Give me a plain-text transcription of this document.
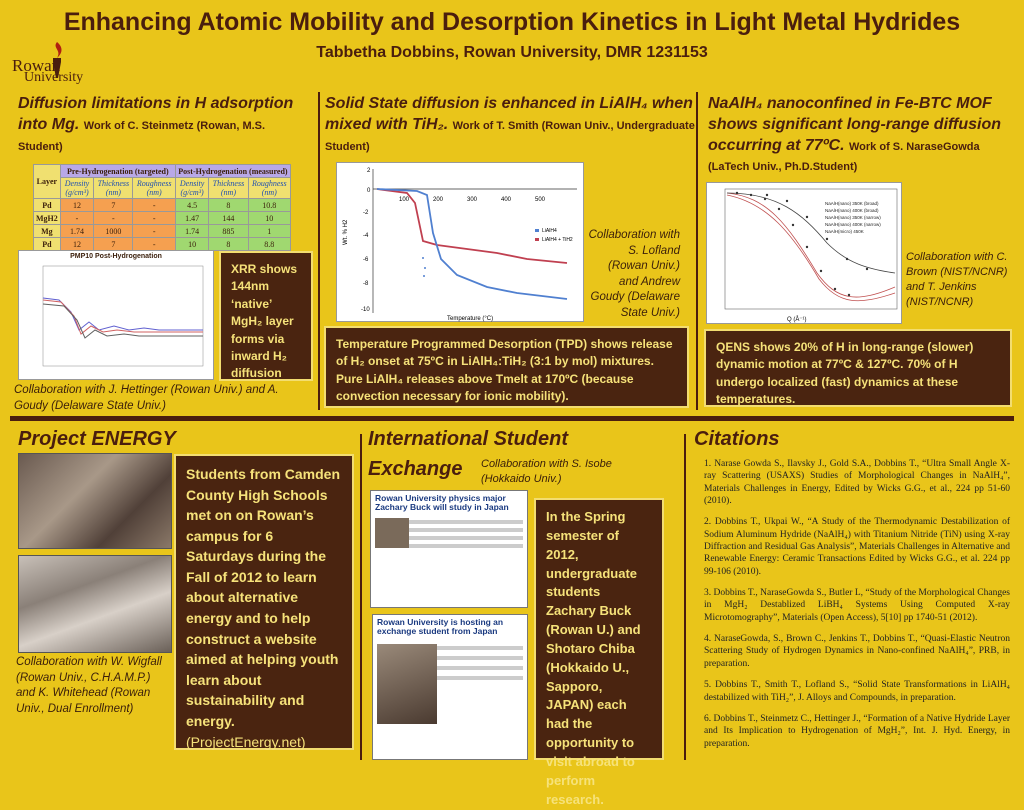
Enhancing Atomic Mobility and Desorption Kinetics in Light Metal Hydrides
Tabbetha Dobbins, Rowan University, DMR 1231153
Rowan
University
Diffusion limitations in H adsorption into Mg. Work of C. Steinmetz (Rowan, M.S. Student)
Layer	Pre-Hydrogenation (targeted)			Post-Hydrogenation (measured)		
	Density (g/cm³)	Thickness (nm)	Roughness (nm)	Density (g/cm³)	Thickness (nm)	Roughness (nm)
Pd	12	7	-	4.5	8	10.8
MgH2	-	-	-	1.47	144	10
Mg	1.74	1000	-	1.74	885	1
Pd	12	7	-	10	8	8.8
PMP10 Post-Hydrogenation
XRR shows 144nm ‘native’ MgH₂ layer forms via inward H₂ diffusion
Collaboration with J. Hettinger (Rowan Univ.) and A. Goudy (Delaware State Univ.)
Solid State diffusion is enhanced in LiAlH₄ when mixed with TiH₂. Work of T. Smith (Rowan Univ., Undergraduate Student)
2
0
-2
-4
-6
-8
-10
100	200	300	400	500
Wt. % H2
Temperature (°C)
LiAlH4
LiAlH4 + TiH2 Collaboration with S. Lofland (Rowan Univ.) and Andrew Goudy (Delaware State Univ.)
Temperature Programmed Desorption (TPD) shows release of H₂ onset at 75ºC in LiAlH₄:TiH₂ (3:1 by mol) mixtures. Pure LiAlH₄ releases above Tmelt at 170ºC (because convection necessary for ionic mobility).
NaAlH₄ nanoconfined in Fe-BTC MOF shows significant long-range diffusion occurring at 77ºC. Work of S. NaraseGowda (LaTech Univ., Ph.D.Student)
NaAlH(nano) 350K (broad)
NaAlH(nano) 400K (broad)
NaAlH(nano) 350K (narrow)
NaAlH(nano) 400K (narrow)
NaAlH(micro) 450K
Q (Å⁻¹)
Collaboration with C. Brown (NIST/NCNR) and T. Jenkins (NIST/NCNR)
QENS shows 20% of H in long-range (slower) dynamic motion at 77ºC & 127ºC. 70% of H undergo localized (fast) dynamics at these temperatures.
Project ENERGY
Students from Camden County High Schools met on on Rowan’s campus for 6 Saturdays during the Fall of 2012 to learn about alternative energy and to help construct a website aimed at helping youth learn about sustainability and energy. (ProjectEnergy.net)
Collaboration with W. Wigfall (Rowan Univ., C.H.A.M.P.) and K. Whitehead (Rowan Univ., Dual Enrollment)
International Student
Exchange Collaboration with S. Isobe (Hokkaido Univ.)
Rowan University physics major Zachary Buck will study in Japan
Rowan University is hosting an exchange student from Japan
In the Spring semester of 2012, undergraduate students Zachary Buck (Rowan U.) and Shotaro Chiba (Hokkaido U., Sapporo, JAPAN) each had the opportunity to visit abroad to perform research.
Citations

1. Narase Gowda S., Ilavsky J., Gold S.A., Dobbins T., “Ultra Small Angle X-ray Scattering (USAXS) Studies of Morphological Changes in NaAlH₄”, Materials Challenges in Energy, Edited by Wicks G.G., et al., 224 pp 51-60 (2010).

2. Dobbins T., Ukpai W., “A Study of the Thermodynamic Destabilization of Sodium Aluminum Hydride (NaAlH₄) with Titanium Nitride (TiN) using X-ray Diffraction and Residual Gas Analysis”, Materials Challenges in Alternative and Renewable Energy: Ceramic Transactions Edited by Wicks G.G., et al. 224 pp 99-106 (2010).

3. Dobbins T., NaraseGowda S., Butler L, “Study of the Morphological Changes in MgH₂ Destablized LiBH₄ Systems Using Computed X-ray Microtomography”, Materials (Open Access), 5[10] pp 1740-51 (2012).

4. NaraseGowda, S., Brown C., Jenkins T., Dobbins T., “Quasi-Elastic Neutron Scattering Study of Hydrogen Dynamics in Nano-confined NaAlH₄”, PRB, in preparation.

5. Dobbins T., Smith T., Lofland S., “Solid State Transformations in LiAlH₄ destabilized with TiH₂”, J. Alloys and Compounds, in preparation.

6. Dobbins T., Steinmetz C., Hettinger J., “Formation of a Native Hydride Layer and Its Implication to Hydrogenation of MgH₂”, Int. J. Hyd. Energy, in preparation.
